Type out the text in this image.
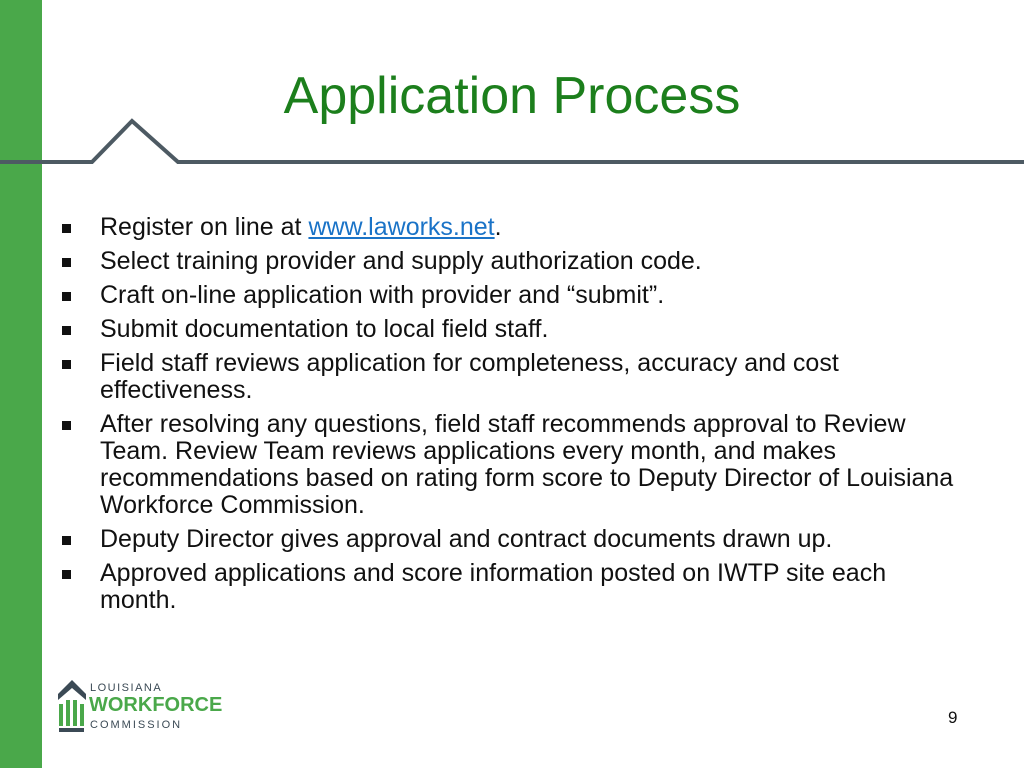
Application Process
Register on line at www.laworks.net.
Select training provider and supply authorization code.
Craft on-line application with provider and “submit”.
Submit documentation to local field staff.
Field staff reviews application for completeness, accuracy and cost effectiveness.
After resolving any questions, field staff recommends approval to Review Team. Review Team reviews applications every month, and makes recommendations based on rating form score to Deputy Director of Louisiana Workforce Commission.
Deputy Director gives approval and contract documents drawn up.
Approved applications and score information posted on IWTP site each month.
LOUISIANA
WORKFORCE
COMMISSION	9
